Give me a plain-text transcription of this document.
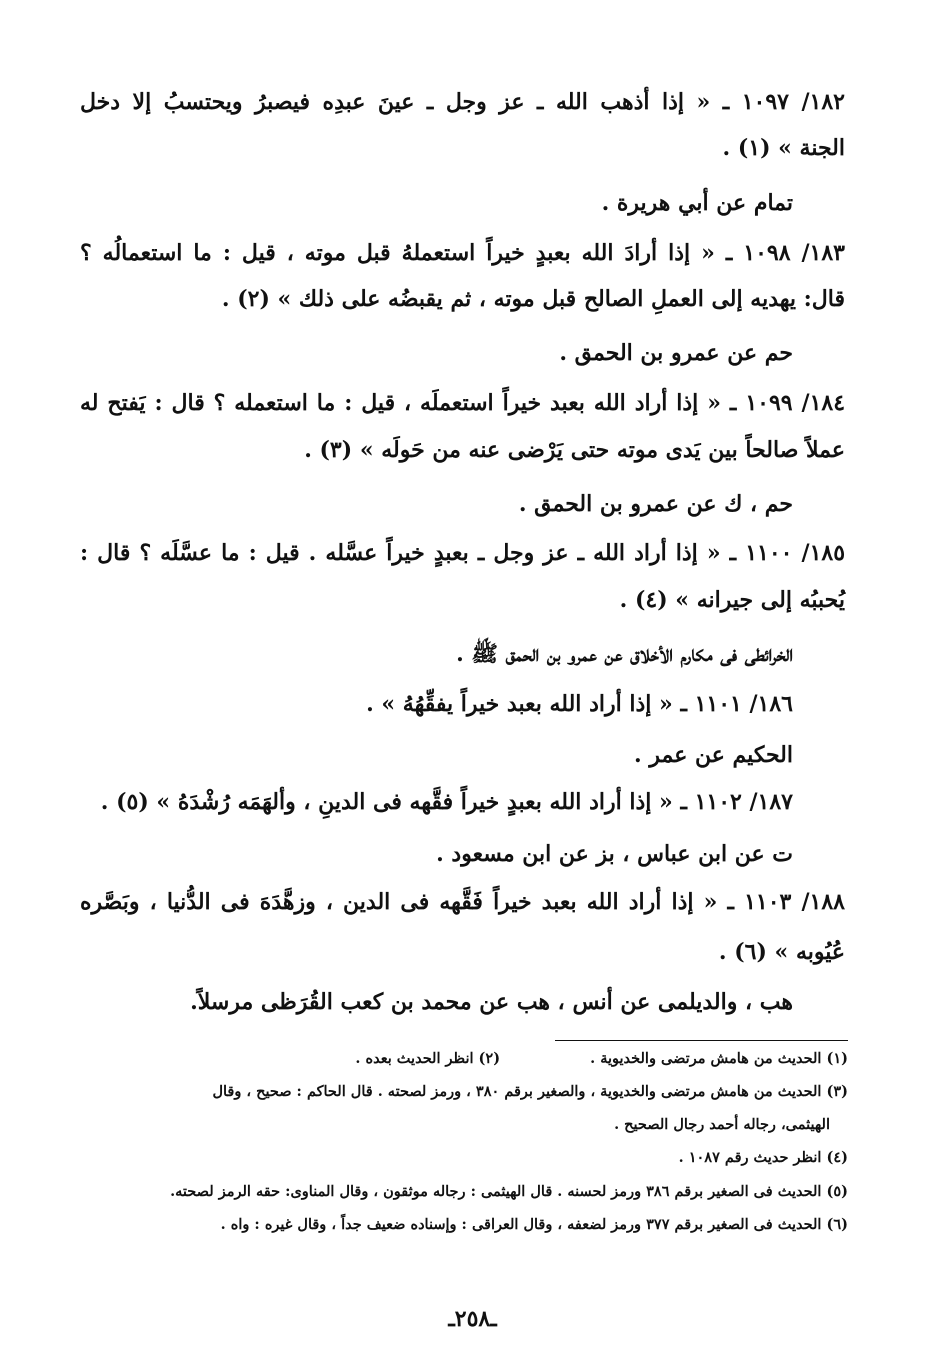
١٨٢/ ١٠٩٧ ـ « إذا أذهب الله ـ عز وجل ـ عينَ عبدِه فيصبرُ ويحتسبُ إلا دخل
الجنة » (١) .
تمام عن أبي هريرة .
١٨٣/ ١٠٩٨ ـ « إذا أرادَ الله بعبدٍ خيراً استعملهُ قبل موته ، قيل : ما استعمالُه ؟
قال: يهديه إلى العملِ الصالح قبل موته ، ثم يقبضُه على ذلك » (٢) .
حم عن عمرو بن الحمق .
١٨٤/ ١٠٩٩ ـ « إذا أراد الله بعبد خيراً استعملَه ، قيل : ما استعمله ؟ قال : يَفتح له
عملاً صالحاً بين يَدى موته حتى يَرْضى عنه من حَولَه » (٣) .
حم ، ك عن عمرو بن الحمق .
١٨٥/ ١١٠٠ ـ « إذا أراد الله ـ عز وجل ـ بعبدٍ خيراً عسَّله . قيل : ما عسَّلَه ؟ قال :
يُحببُه إلى جيرانه » (٤) .
الخرائطى فى مكارم الأخلاق عن عمرو بن الحمق ﷺ .
١٨٦/ ١١٠١ ـ « إذا أراد الله بعبد خيراً يفقِّهُهُ » .
الحكيم عن عمر .
١٨٧/ ١١٠٢ ـ « إذا أراد الله بعبدٍ خيراً فقَّهه فى الدينِ ، وألهَمَه رُشْدَهُ » (٥) .
ت عن ابن عباس ، بز عن ابن مسعود .
١٨٨/ ١١٠٣ ـ « إذا أراد الله بعبد خيراً فَقَّهه فى الدين ، وزهَّدَهَ فى الدُّنيا ، وبَصَّره
عُيُوبه » (٦) .
هب ، والديلمى عن أنس ، هب عن محمد بن كعب القُرَظى مرسلاً.
(١) الحديث من هامش مرتضى والخديوية .
(٢) انظر الحديث بعده .
(٣) الحديث من هامش مرتضى والخديوية ، والصغير برقم ٣٨٠ ، ورمز لصحته . قال الحاكم : صحيح ، وقال
الهيثمى، رجاله أحمد رجال الصحيح .
(٤) انظر حديث رقم ١٠٨٧ .
(٥) الحديث فى الصغير برقم ٣٨٦ ورمز لحسنه . قال الهيثمى : رجاله موثقون ، وقال المناوى: حقه الرمز لصحته.
(٦) الحديث فى الصغير برقم ٣٧٧ ورمز لضعفه ، وقال العراقى : وإسناده ضعيف جداً ، وقال غيره : واه .
ـ٢٥٨ـ
